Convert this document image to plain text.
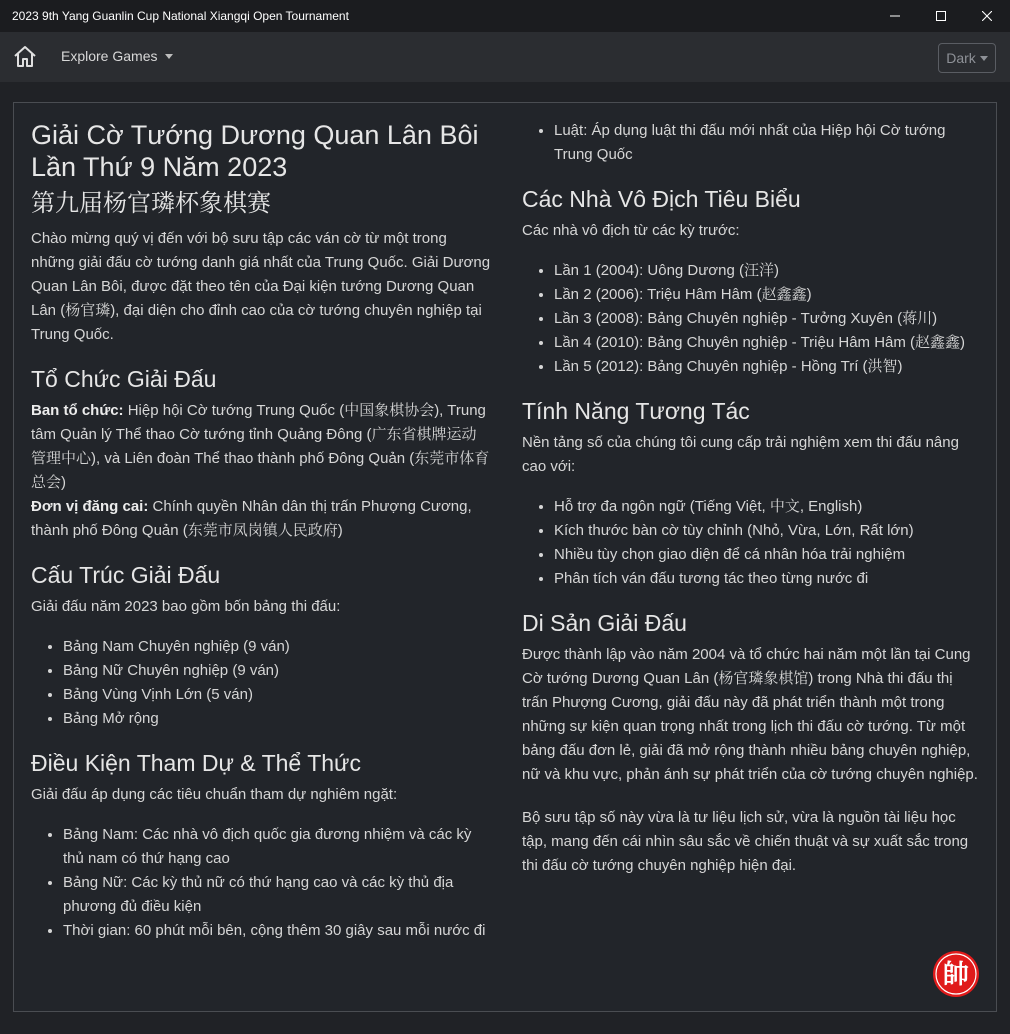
2023 9th Yang Guanlin Cup National Xiangqi Open Tournament
Explore Games	Dark
Giải Cờ Tướng Dương Quan Lân Bôi Lần Thứ 9 Năm 2023
第九届杨官璘杯象棋赛

Chào mừng quý vị đến với bộ sưu tập các ván cờ từ một trong những giải đấu cờ tướng danh giá nhất của Trung Quốc. Giải Dương Quan Lân Bôi, được đặt theo tên của Đại kiện tướng Dương Quan Lân (杨官璘), đại diện cho đỉnh cao của cờ tướng chuyên nghiệp tại Trung Quốc.

Tổ Chức Giải Đấu

Ban tổ chức: Hiệp hội Cờ tướng Trung Quốc (中国象棋协会), Trung tâm Quản lý Thể thao Cờ tướng tỉnh Quảng Đông (广东省棋牌运动管理中心), và Liên đoàn Thể thao thành phố Đông Quản (东莞市体育总会)
Đơn vị đăng cai: Chính quyền Nhân dân thị trấn Phượng Cương, thành phố Đông Quản (东莞市凤岗镇人民政府)

Cấu Trúc Giải Đấu

Giải đấu năm 2023 bao gồm bốn bảng thi đấu:

• Bảng Nam Chuyên nghiệp (9 ván)
• Bảng Nữ Chuyên nghiệp (9 ván)
• Bảng Vùng Vịnh Lớn (5 ván)
• Bảng Mở rộng
Điều Kiện Tham Dự & Thể Thức

Giải đấu áp dụng các tiêu chuẩn tham dự nghiêm ngặt:

• Bảng Nam: Các nhà vô địch quốc gia đương nhiệm và các kỳ thủ nam có thứ hạng cao
• Bảng Nữ: Các kỳ thủ nữ có thứ hạng cao và các kỳ thủ địa phương đủ điều kiện
• Thời gian: 60 phút mỗi bên, cộng thêm 30 giây sau mỗi nước đi
• Luật: Áp dụng luật thi đấu mới nhất của Hiệp hội Cờ tướng Trung Quốc
Các Nhà Vô Địch Tiêu Biểu

Các nhà vô địch từ các kỳ trước:

• Lần 1 (2004): Uông Dương (汪洋)
• Lần 2 (2006): Triệu Hâm Hâm (赵鑫鑫)
• Lần 3 (2008): Bảng Chuyên nghiệp - Tưởng Xuyên (蒋川)
• Lần 4 (2010): Bảng Chuyên nghiệp - Triệu Hâm Hâm (赵鑫鑫)
• Lần 5 (2012): Bảng Chuyên nghiệp - Hồng Trí (洪智)
Tính Năng Tương Tác

Nền tảng số của chúng tôi cung cấp trải nghiệm xem thi đấu nâng cao với:

• Hỗ trợ đa ngôn ngữ (Tiếng Việt, 中文, English)
• Kích thước bàn cờ tùy chỉnh (Nhỏ, Vừa, Lớn, Rất lớn)
• Nhiều tùy chọn giao diện để cá nhân hóa trải nghiệm
• Phân tích ván đấu tương tác theo từng nước đi
Di Sản Giải Đấu

Được thành lập vào năm 2004 và tổ chức hai năm một lần tại Cung Cờ tướng Dương Quan Lân (杨官璘象棋馆) trong Nhà thi đấu thị trấn Phượng Cương, giải đấu này đã phát triển thành một trong những sự kiện quan trọng nhất trong lịch thi đấu cờ tướng. Từ một bảng đấu đơn lẻ, giải đã mở rộng thành nhiều bảng chuyên nghiệp, nữ và khu vực, phản ánh sự phát triển của cờ tướng chuyên nghiệp.

Bộ sưu tập số này vừa là tư liệu lịch sử, vừa là nguồn tài liệu học tập, mang đến cái nhìn sâu sắc về chiến thuật và sự xuất sắc trong thi đấu cờ tướng chuyên nghiệp hiện đại.

帥
